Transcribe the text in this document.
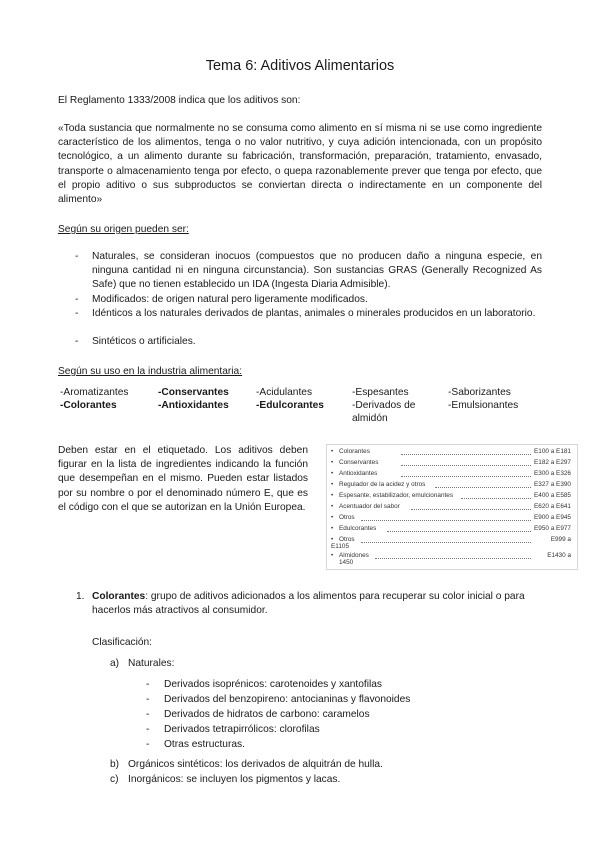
Tema 6: Aditivos Alimentarios
El Reglamento 1333/2008 indica que los aditivos son:
«Toda sustancia que normalmente no se consuma como alimento en sí misma ni se use como ingrediente característico de los alimentos, tenga o no valor nutritivo, y cuya adición intencionada, con un propósito tecnológico, a un alimento durante su fabricación, transformación, preparación, tratamiento, envasado, transporte o almacenamiento tenga por efecto, o quepa razonablemente prever que tenga por efecto, que el propio aditivo o sus subproductos se conviertan directa o indirectamente en un componente del alimento»
Según su origen pueden ser:
- Naturales, se consideran inocuos (compuestos que no producen daño a ninguna especie, en ninguna cantidad ni en ninguna circunstancia). Son sustancias GRAS (Generally Recognized As Safe) que no tienen establecido un IDA (Ingesta Diaria Admisible).
- Modificados: de origen natural pero ligeramente modificados.
- Idénticos a los naturales derivados de plantas, animales o minerales producidos en un laboratorio.
- Sintéticos o artificiales.
Según su uso en la industria alimentaria:
-Aromatizantes	-Conservantes	-Acidulantes	-Espesantes	-Saborizantes
-Colorantes	-Antioxidantes	-Edulcorantes	-Derivados de almidón
-Emulsionantes
Deben estar en el etiquetado. Los aditivos deben figurar en la lista de ingredientes indicando la función que desempeñan en el mismo. Pueden estar listados por su nombre o por el denominado número E, que es el código con el que se autorizan en la Unión Europea.
• Colorantes	E100 a E181
• Conservantes	E182 a E297
• Antioxidantes	E300 a E326
• Regulador de la acidez y otros	E327 a E390
• Espesante, estabilizador, emulcionantes	E400 a E585
• Acentuador del sabor	E620 a E641
• Otros	E900 a E945
• Edulcorantes	E950 a E977
• Otros	E999 a
E1105
• Almidones	E1430 a
1450
1. Colorantes: grupo de aditivos adicionados a los alimentos para recuperar su color inicial o para hacerlos más atractivos al consumidor.
Clasificación:
a) Naturales:
- Derivados isoprénicos: carotenoides y xantofilas
- Derivados del benzopireno: antocianinas y flavonoides
- Derivados de hidratos de carbono: caramelos
- Derivados tetrapirrólicos: clorofilas
- Otras estructuras.
b) Orgánicos sintéticos: los derivados de alquitrán de hulla.
c) Inorgánicos: se incluyen los pigmentos y lacas.
